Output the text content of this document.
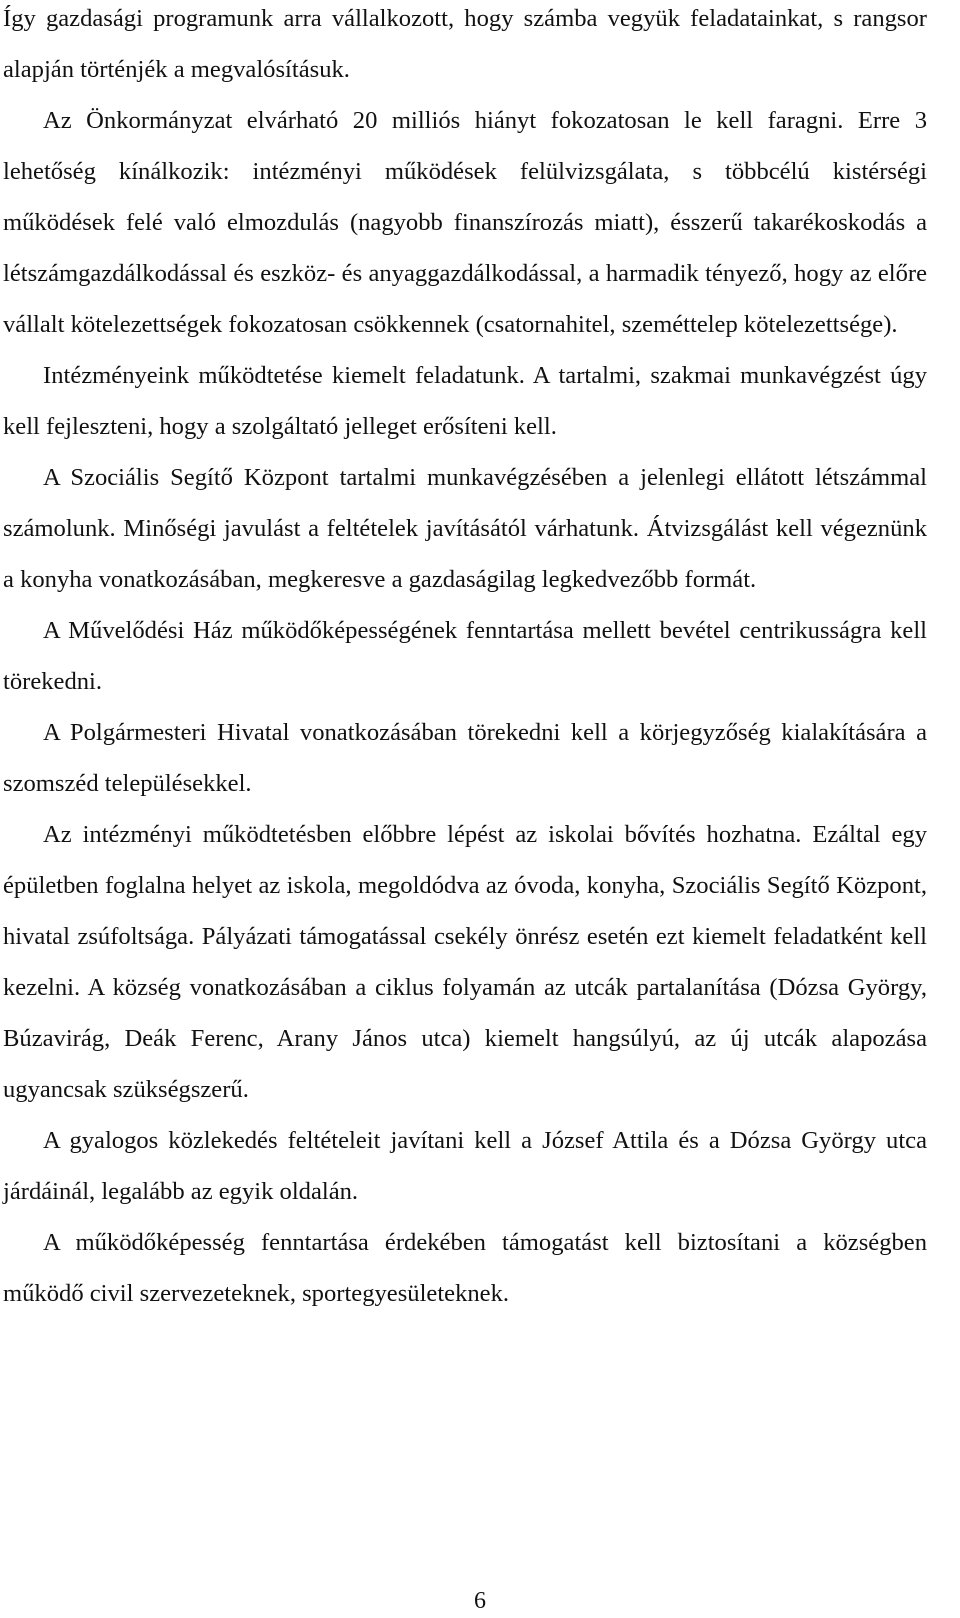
Így gazdasági programunk arra vállalkozott, hogy számba vegyük feladatainkat, s rangsor alapján történjék a megvalósításuk.

Az Önkormányzat elvárható 20 milliós hiányt fokozatosan le kell faragni. Erre 3 lehetőség kínálkozik: intézményi működések felülvizsgálata, s többcélú kistérségi működések felé való elmozdulás (nagyobb finanszírozás miatt), ésszerű takarékoskodás a létszámgazdálkodással és eszköz- és anyaggazdálkodással, a harmadik tényező, hogy az előre vállalt kötelezettségek fokozatosan csökkennek (csatornahitel, szeméttelep kötelezettsége).

Intézményeink működtetése kiemelt feladatunk. A tartalmi, szakmai munkavégzést úgy kell fejleszteni, hogy a szolgáltató jelleget erősíteni kell.

A Szociális Segítő Központ tartalmi munkavégzésében a jelenlegi ellátott létszámmal számolunk. Minőségi javulást a feltételek javításától várhatunk. Átvizsgálást kell végeznünk a konyha vonatkozásában, megkeresve a gazdaságilag legkedvezőbb formát.

A Művelődési Ház működőképességének fenntartása mellett bevétel centrikusságra kell törekedni.

A Polgármesteri Hivatal vonatkozásában törekedni kell a körjegyzőség kialakítására a szomszéd településekkel.

Az intézményi működtetésben előbbre lépést az iskolai bővítés hozhatna. Ezáltal egy épületben foglalna helyet az iskola, megoldódva az óvoda, konyha, Szociális Segítő Központ, hivatal zsúfoltsága. Pályázati támogatással csekély önrész esetén ezt kiemelt feladatként kell kezelni. A község vonatkozásában a ciklus folyamán az utcák partalanítása (Dózsa György, Búzavirág, Deák Ferenc, Arany János utca) kiemelt hangsúlyú, az új utcák alapozása ugyancsak szükségszerű.

A gyalogos közlekedés feltételeit javítani kell a József Attila és a Dózsa György utca járdáinál, legalább az egyik oldalán.

A működőképesség fenntartása érdekében támogatást kell biztosítani a községben működő civil szervezeteknek, sportegyesületeknek.

6
